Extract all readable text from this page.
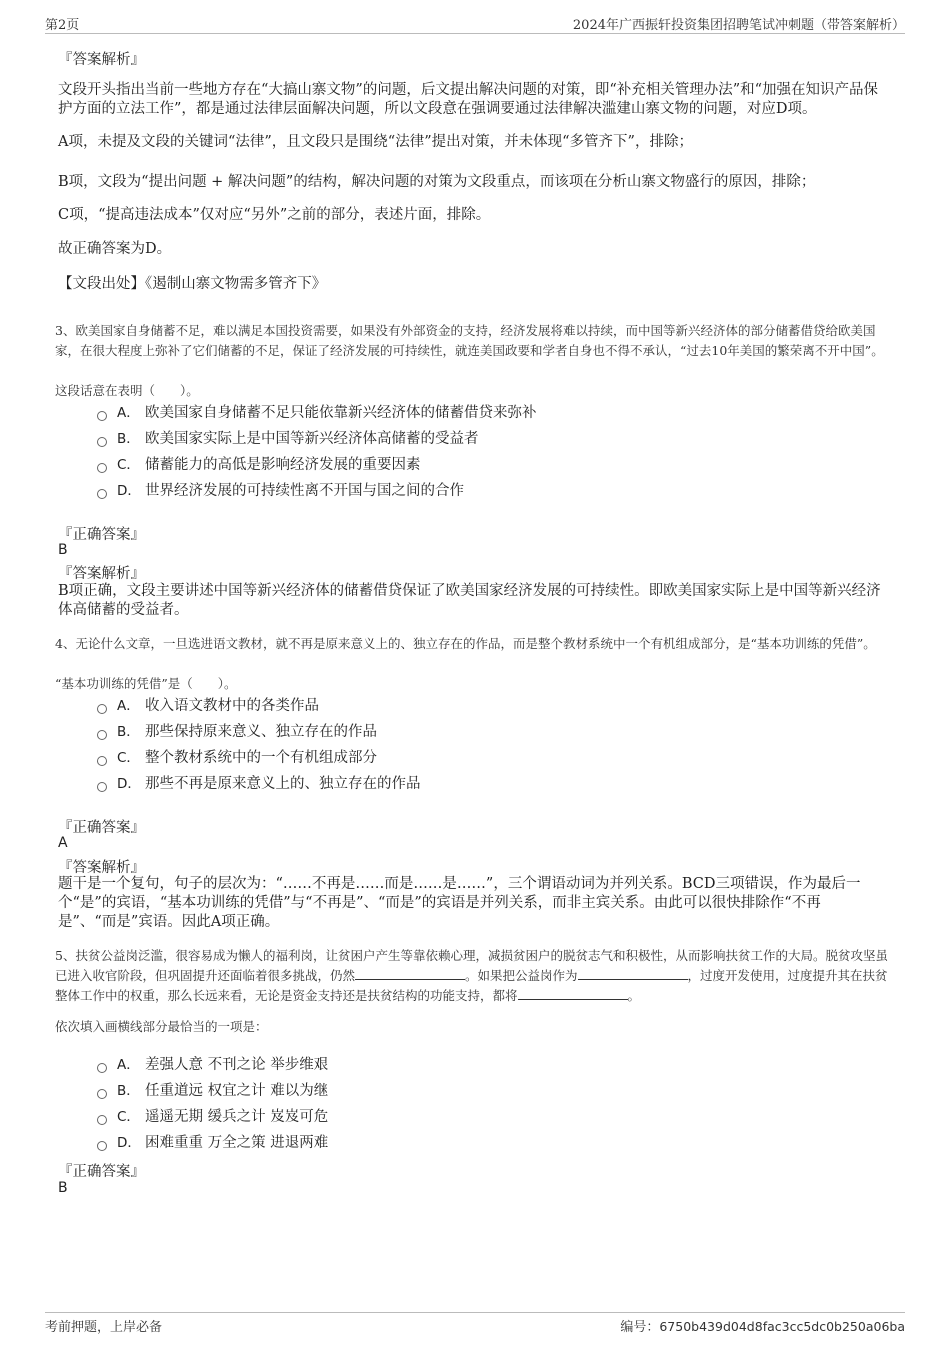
第2页	2024年广西振轩投资集团招聘笔试冲刺题（带答案解析）
『答案解析』
文段开头指出当前一些地方存在“大搞山寨文物”的问题，后文提出解决问题的对策，即“补充相关管理办法”和“加强在知识产品保护方面的立法工作”，都是通过法律层面解决问题，所以文段意在强调要通过法律解决滥建山寨文物的问题，对应D项。
A项，未提及文段的关键词“法律”，且文段只是围绕“法律”提出对策，并未体现“多管齐下”，排除；
B项，文段为“提出问题 + 解决问题”的结构，解决问题的对策为文段重点，而该项在分析山寨文物盛行的原因，排除；
C项，“提高违法成本”仅对应“另外”之前的部分，表述片面，排除。
故正确答案为D。
【文段出处】《遏制山寨文物需多管齐下》
3、欧美国家自身储蓄不足，难以满足本国投资需要，如果没有外部资金的支持，经济发展将难以持续，而中国等新兴经济体的部分储蓄借贷给欧美国家，在很大程度上弥补了它们储蓄的不足，保证了经济发展的可持续性，就连美国政要和学者自身也不得不承认，“过去10年美国的繁荣离不开中国”。
这段话意在表明（　　）。
A． 欧美国家自身储蓄不足只能依靠新兴经济体的储蓄借贷来弥补
B． 欧美国家实际上是中国等新兴经济体高储蓄的受益者
C． 储蓄能力的高低是影响经济发展的重要因素
D． 世界经济发展的可持续性离不开国与国之间的合作
『正确答案』
B
『答案解析』
B项正确，文段主要讲述中国等新兴经济体的储蓄借贷保证了欧美国家经济发展的可持续性。即欧美国家实际上是中国等新兴经济体高储蓄的受益者。
4、无论什么文章，一旦选进语文教材，就不再是原来意义上的、独立存在的作品，而是整个教材系统中一个有机组成部分，是“基本功训练的凭借”。
“基本功训练的凭借”是（　　）。
A． 收入语文教材中的各类作品
B． 那些保持原来意义、独立存在的作品
C． 整个教材系统中的一个有机组成部分
D． 那些不再是原来意义上的、独立存在的作品
『正确答案』
A
『答案解析』
题干是一个复句，句子的层次为：“……不再是……而是……是……”，三个谓语动词为并列关系。BCD三项错误，作为最后一个“是”的宾语，“基本功训练的凭借”与“不再是”、“而是”的宾语是并列关系，而非主宾关系。由此可以很快排除作“不再是”、“而是”宾语。因此A项正确。
5、扶贫公益岗泛滥，很容易成为懒人的福利岗，让贫困户产生等靠依赖心理，减损贫困户的脱贫志气和积极性，从而影响扶贫工作的大局。脱贫攻坚虽已进入收官阶段，但巩固提升还面临着很多挑战，仍然	。如果把公益岗作为	，过度开发使用，过度提升其在扶贫整体工作中的权重，那么长远来看，无论是资金支持还是扶贫结构的功能支持，都将	。
依次填入画横线部分最恰当的一项是：
A． 差强人意 不刊之论 举步维艰
B． 任重道远 权宜之计 难以为继
C． 遥遥无期 缓兵之计 岌岌可危
D． 困难重重 万全之策 进退两难
『正确答案』
B
考前押题，上岸必备	编号：6750b439d04d8fac3cc5dc0b250a06ba
